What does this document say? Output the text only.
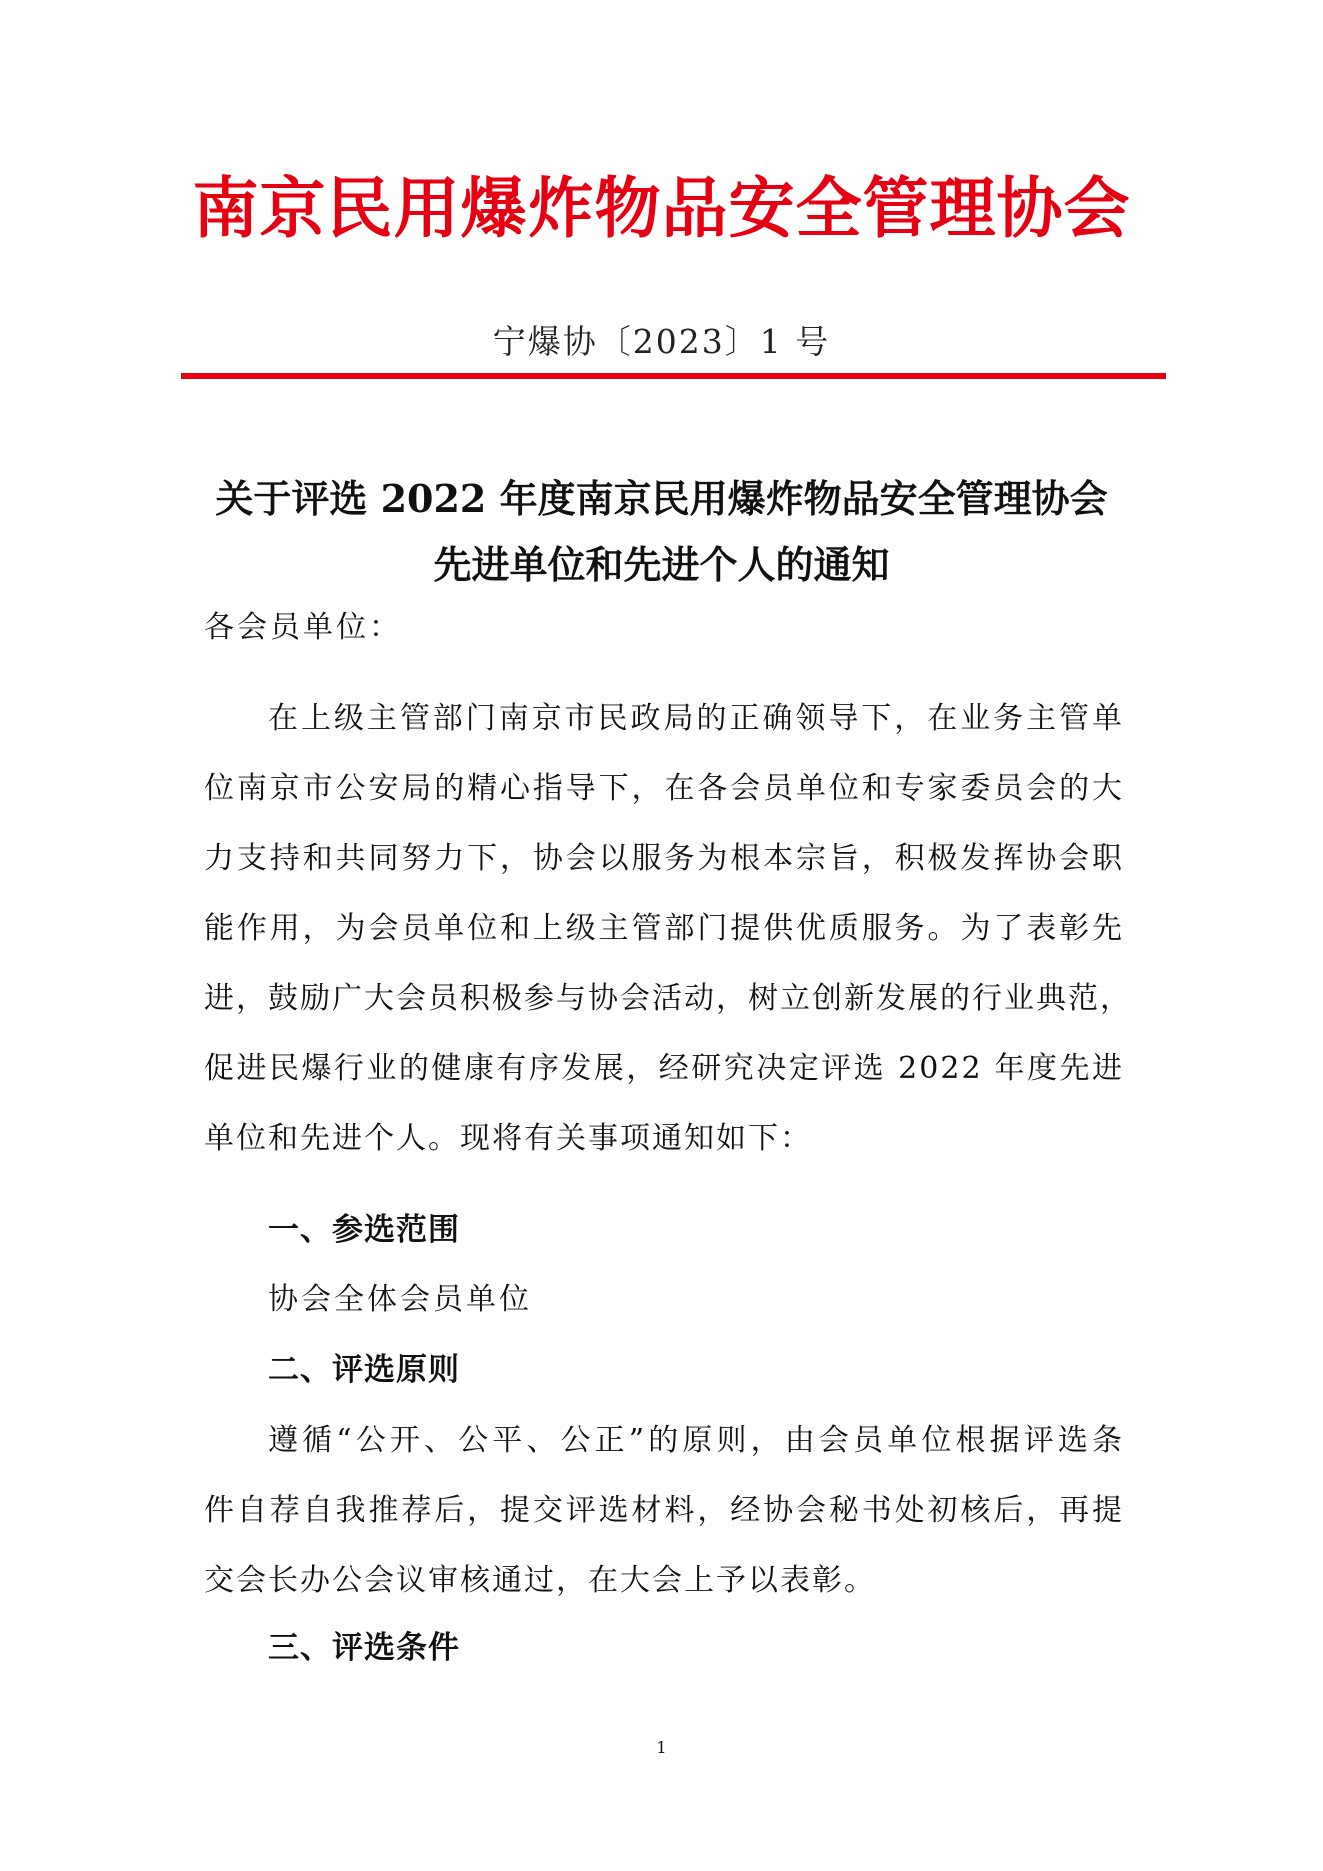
南京民用爆炸物品安全管理协会
宁爆协〔2023〕1 号
关于评选 2022 年度南京民用爆炸物品安全管理协会
先进单位和先进个人的通知
各会员单位：
在上级主管部门南京市民政局的正确领导下，在业务主管单
位南京市公安局的精心指导下，在各会员单位和专家委员会的大
力支持和共同努力下，协会以服务为根本宗旨，积极发挥协会职
能作用，为会员单位和上级主管部门提供优质服务。为了表彰先
进，鼓励广大会员积极参与协会活动，树立创新发展的行业典范，
促进民爆行业的健康有序发展，经研究决定评选 2022 年度先进
单位和先进个人。现将有关事项通知如下：
一、参选范围
协会全体会员单位
二、评选原则
遵循“公开、公平、公正”的原则，由会员单位根据评选条
件自荐自我推荐后，提交评选材料，经协会秘书处初核后，再提
交会长办公会议审核通过，在大会上予以表彰。
三、评选条件
1
